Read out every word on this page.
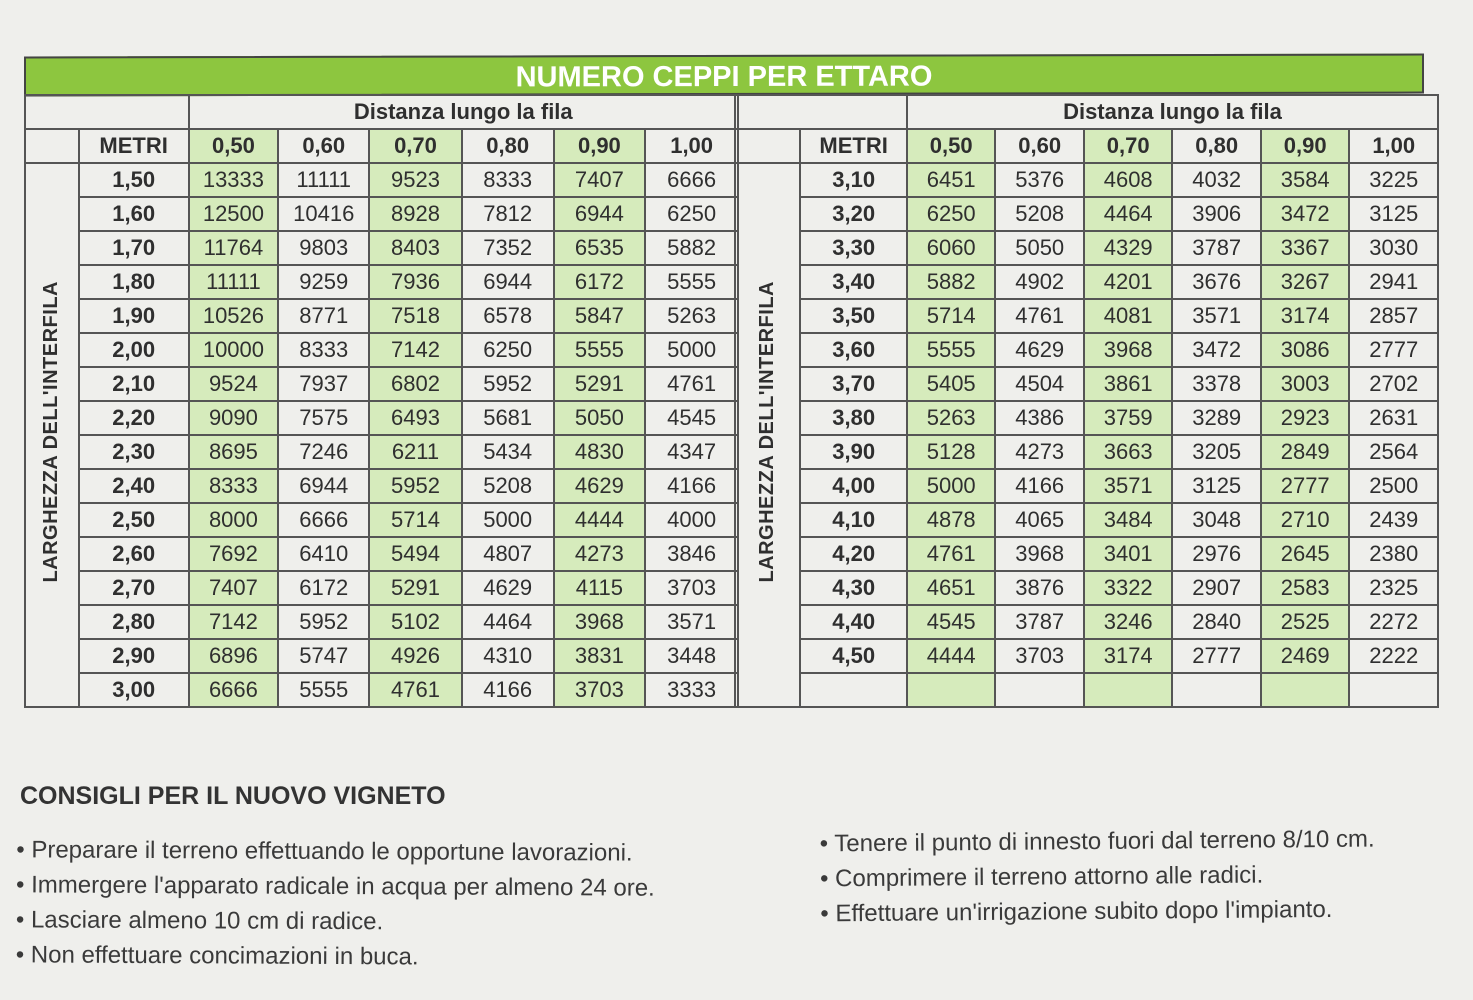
NUMERO CEPPI PER ETTARO
		Distanza lungo la fila					
	METRI	0,50	0,60	0,70	0,80	0,90	1,00
LARGHEZZA DELL'INTERFILA	1,50	13333	11111	9523	8333	7407	6666
	1,60	12500	10416	8928	7812	6944	6250
	1,70	11764	9803	8403	7352	6535	5882
	1,80	11111	9259	7936	6944	6172	5555
	1,90	10526	8771	7518	6578	5847	5263
	2,00	10000	8333	7142	6250	5555	5000
	2,10	9524	7937	6802	5952	5291	4761
	2,20	9090	7575	6493	5681	5050	4545
	2,30	8695	7246	6211	5434	4830	4347
	2,40	8333	6944	5952	5208	4629	4166
	2,50	8000	6666	5714	5000	4444	4000
	2,60	7692	6410	5494	4807	4273	3846
	2,70	7407	6172	5291	4629	4115	3703
	2,80	7142	5952	5102	4464	3968	3571
	2,90	6896	5747	4926	4310	3831	3448
	3,00	6666	5555	4761	4166	3703	3333
		Distanza lungo la fila					
	METRI	0,50	0,60	0,70	0,80	0,90	1,00
LARGHEZZA DELL'INTERFILA	3,10	6451	5376	4608	4032	3584	3225
	3,20	6250	5208	4464	3906	3472	3125
	3,30	6060	5050	4329	3787	3367	3030
	3,40	5882	4902	4201	3676	3267	2941
	3,50	5714	4761	4081	3571	3174	2857
	3,60	5555	4629	3968	3472	3086	2777
	3,70	5405	4504	3861	3378	3003	2702
	3,80	5263	4386	3759	3289	2923	2631
	3,90	5128	4273	3663	3205	2849	2564
	4,00	5000	4166	3571	3125	2777	2500
	4,10	4878	4065	3484	3048	2710	2439
	4,20	4761	3968	3401	2976	2645	2380
	4,30	4651	3876	3322	2907	2583	2325
	4,40	4545	3787	3246	2840	2525	2272
	4,50	4444	3703	3174	2777	2469	2222

CONSIGLI PER IL NUOVO VIGNETO
• Preparare il terreno effettuando le opportune lavorazioni.
• Immergere l'apparato radicale in acqua per almeno 24 ore.
• Lasciare almeno 10 cm di radice.
• Non effettuare concimazioni in buca.
• Tenere il punto di innesto fuori dal terreno 8/10 cm.
• Comprimere il terreno attorno alle radici.
• Effettuare un'irrigazione subito dopo l'impianto.
